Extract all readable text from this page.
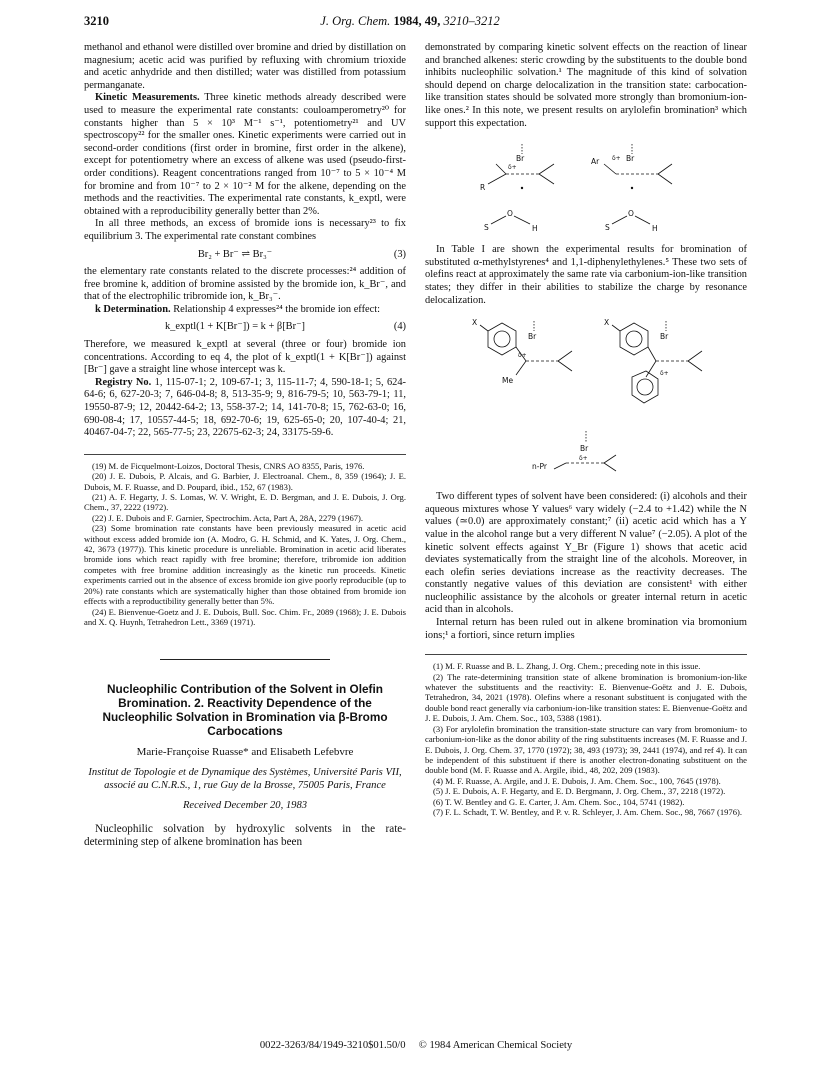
3210	J. Org. Chem. 1984, 49, 3210–3212

methanol and ethanol were distilled over bromine and dried by distillation on magnesium; acetic acid was purified by refluxing with chromium trioxide and acetic anhydride and then distilled; water was distilled from potassium permanganate.

Kinetic Measurements. Three kinetic methods already described were used to measure the experimental rate constants: couloamperometry²⁰ for constants higher than 5 × 10³ M⁻¹ s⁻¹, potentiometry²¹ and UV spectroscopy²² for the smaller ones. Kinetic experiments were carried out in second-order conditions (first order in bromine, first order in the alkene), except for potentiometry where an excess of alkene was used (pseudo-first-order conditions). Reagent concentrations ranged from 10⁻⁷ to 5 × 10⁻⁴ M for bromine and from 10⁻⁷ to 2 × 10⁻² M for the alkene, depending on the methods and the reactivities. The experimental rate constants, k_exptl, were obtained with a reproducibility generally better than 2%.

In all three methods, an excess of bromide ions is necessary²³ to fix equilibrium 3. The experimental rate constant combines

Br₂ + Br⁻ ⇌ Br₃⁻	(3)

the elementary rate constants related to the discrete processes:²⁴ addition of free bromine k, addition of bromine assisted by the bromide ion, k_Br⁻, and that of the electrophilic tribromide ion, k_Br₃⁻.

k Determination. Relationship 4 expresses²⁴ the bromide ion effect:

k_exptl(1 + K[Br⁻]) = k + β[Br⁻]	(4)

Therefore, we measured k_exptl at several (three or four) bromide ion concentrations. According to eq 4, the plot of k_exptl(1 + K[Br⁻]) against [Br⁻] gave a straight line whose intercept was k.

Registry No. 1, 115-07-1; 2, 109-67-1; 3, 115-11-7; 4, 590-18-1; 5, 624-64-6; 6, 627-20-3; 7, 646-04-8; 8, 513-35-9; 9, 816-79-5; 10, 563-79-1; 11, 19550-87-9; 12, 20442-64-2; 13, 558-37-2; 14, 141-70-8; 15, 762-63-0; 16, 690-08-4; 17, 10557-44-5; 18, 692-70-6; 19, 625-65-0; 20, 107-40-4; 21, 40467-04-7; 22, 565-77-5; 23, 22675-62-3; 24, 33175-59-6.

(19) M. de Ficquelmont-Loizos, Doctoral Thesis, CNRS AO 8355, Paris, 1976.

(20) J. E. Dubois, P. Alcais, and G. Barbier, J. Electroanal. Chem., 8, 359 (1964); J. E. Dubois, M. F. Ruasse, and D. Poupard, ibid., 152, 67 (1983).

(21) A. F. Hegarty, J. S. Lomas, W. V. Wright, E. D. Bergman, and J. E. Dubois, J. Org. Chem., 37, 2222 (1972).

(22) J. E. Dubois and F. Garnier, Spectrochim. Acta, Part A, 28A, 2279 (1967).

(23) Some bromination rate constants have been previously measured in acetic acid without excess added bromide ion (A. Modro, G. H. Schmid, and K. Yates, J. Org. Chem., 42, 3673 (1977)). This kinetic procedure is unreliable. Bromination in acetic acid liberates bromide ions which react rapidly with free bromine; therefore, tribromide ion addition competes with free bromine addition increasingly as the kinetic run proceeds. Kinetic experiments carried out in the absence of excess bromide ion give poorly reproducible (up to 20%) rate constants which are systematically higher than those obtained from bromide ion effects with a reproductibility generally better than 5%.

(24) E. Bienvenue-Goetz and J. E. Dubois, Bull. Soc. Chim. Fr., 2089 (1968); J. E. Dubois and X. Q. Huynh, Tetrahedron Lett., 3369 (1971).

Nucleophilic Contribution of the Solvent in Olefin Bromination. 2. Reactivity Dependence of the Nucleophilic Solvation in Bromination via β-Bromo Carbocations
Marie-Françoise Ruasse* and Elisabeth Lefebvre
Institut de Topologie et de Dynamique des Systèmes, Université Paris VII, associé au C.N.R.S., 1, rue Guy de la Brosse, 75005 Paris, France
Received December 20, 1983

Nucleophilic solvation by hydroxylic solvents in the rate-determining step of alkene bromination has been

demonstrated by comparing kinetic solvent effects on the reaction of linear and branched alkenes: steric crowding by the substituents to the double bond inhibits nucleophilic solvation.¹ The magnitude of this kind of solvation should depend on charge delocalization in the transition state: carbocation-like transition states should be solvated more strongly than bromonium-ion-like ones.² In this note, we present results on arylolefin bromination³ which support this expectation.

Br
δ+
R
S
O
H
Ar δ+ Br
S
O
H

In Table I are shown the experimental results for bromination of substituted α-methylstyrenes⁴ and 1,1-diphenylethylenes.⁵ These two sets of olefins react at approximately the same rate via carbonium-ion-like transition states; they differ in their abilities to stabilize the charge by resonance delocalization.

X
Br
δ+
Me
X
Br
δ+
n-Pr
Br
δ+

Two different types of solvent have been considered: (i) alcohols and their aqueous mixtures whose Y values⁶ vary widely (−2.4 to +1.42) while the N values (≃0.0) are approximately constant;⁷ (ii) acetic acid which has a Y value in the alcohol range but a very different N value⁷ (−2.05). A plot of the kinetic solvent effects against Y_Br (Figure 1) shows that acetic acid deviates systematically from the straight line of the alcohols. Moreover, in each olefin series deviations increase as the reactivity decreases. The constantly negative values of this deviation are consistent¹ with either nucleophilic assistance by the alcohols or greater internal return in acetic acid than in alcohols.

Internal return has been ruled out in alkene bromination via bromonium ions;¹ a fortiori, since return implies

(1) M. F. Ruasse and B. L. Zhang, J. Org. Chem.; preceding note in this issue.

(2) The rate-determining transition state of alkene bromination is bromonium-ion-like whatever the substituents and the reactivity: E. Bienvenue-Goëtz and J. E. Dubois, Tetrahedron, 34, 2021 (1978). Olefins where a resonant substituent is conjugated with the double bond react generally via carbonium-ion-like transition states: E. Bienvenue-Goëtz and J. E. Dubois, J. Am. Chem. Soc., 103, 5388 (1981).

(3) For arylolefin bromination the transition-state structure can vary from bromonium- to carbonium-ion-like as the donor ability of the ring substituents increases (M. F. Ruasse and J. E. Dubois, J. Org. Chem. 37, 1770 (1972); 38, 493 (1973); 39, 2441 (1974), and ref 4). It can be independent of this substituent if there is another electron-donating substituent on the double bond (M. F. Ruasse and A. Argile, ibid., 48, 202, 209 (1983).

(4) M. F. Ruasse, A. Argile, and J. E. Dubois, J. Am. Chem. Soc., 100, 7645 (1978).

(5) J. E. Dubois, A. F. Hegarty, and E. D. Bergmann, J. Org. Chem., 37, 2218 (1972).

(6) T. W. Bentley and G. E. Carter, J. Am. Chem. Soc., 104, 5741 (1982).

(7) F. L. Schadt, T. W. Bentley, and P. v. R. Schleyer, J. Am. Chem. Soc., 98, 7667 (1976).

0022-3263/84/1949-3210$01.50/0 © 1984 American Chemical Society
